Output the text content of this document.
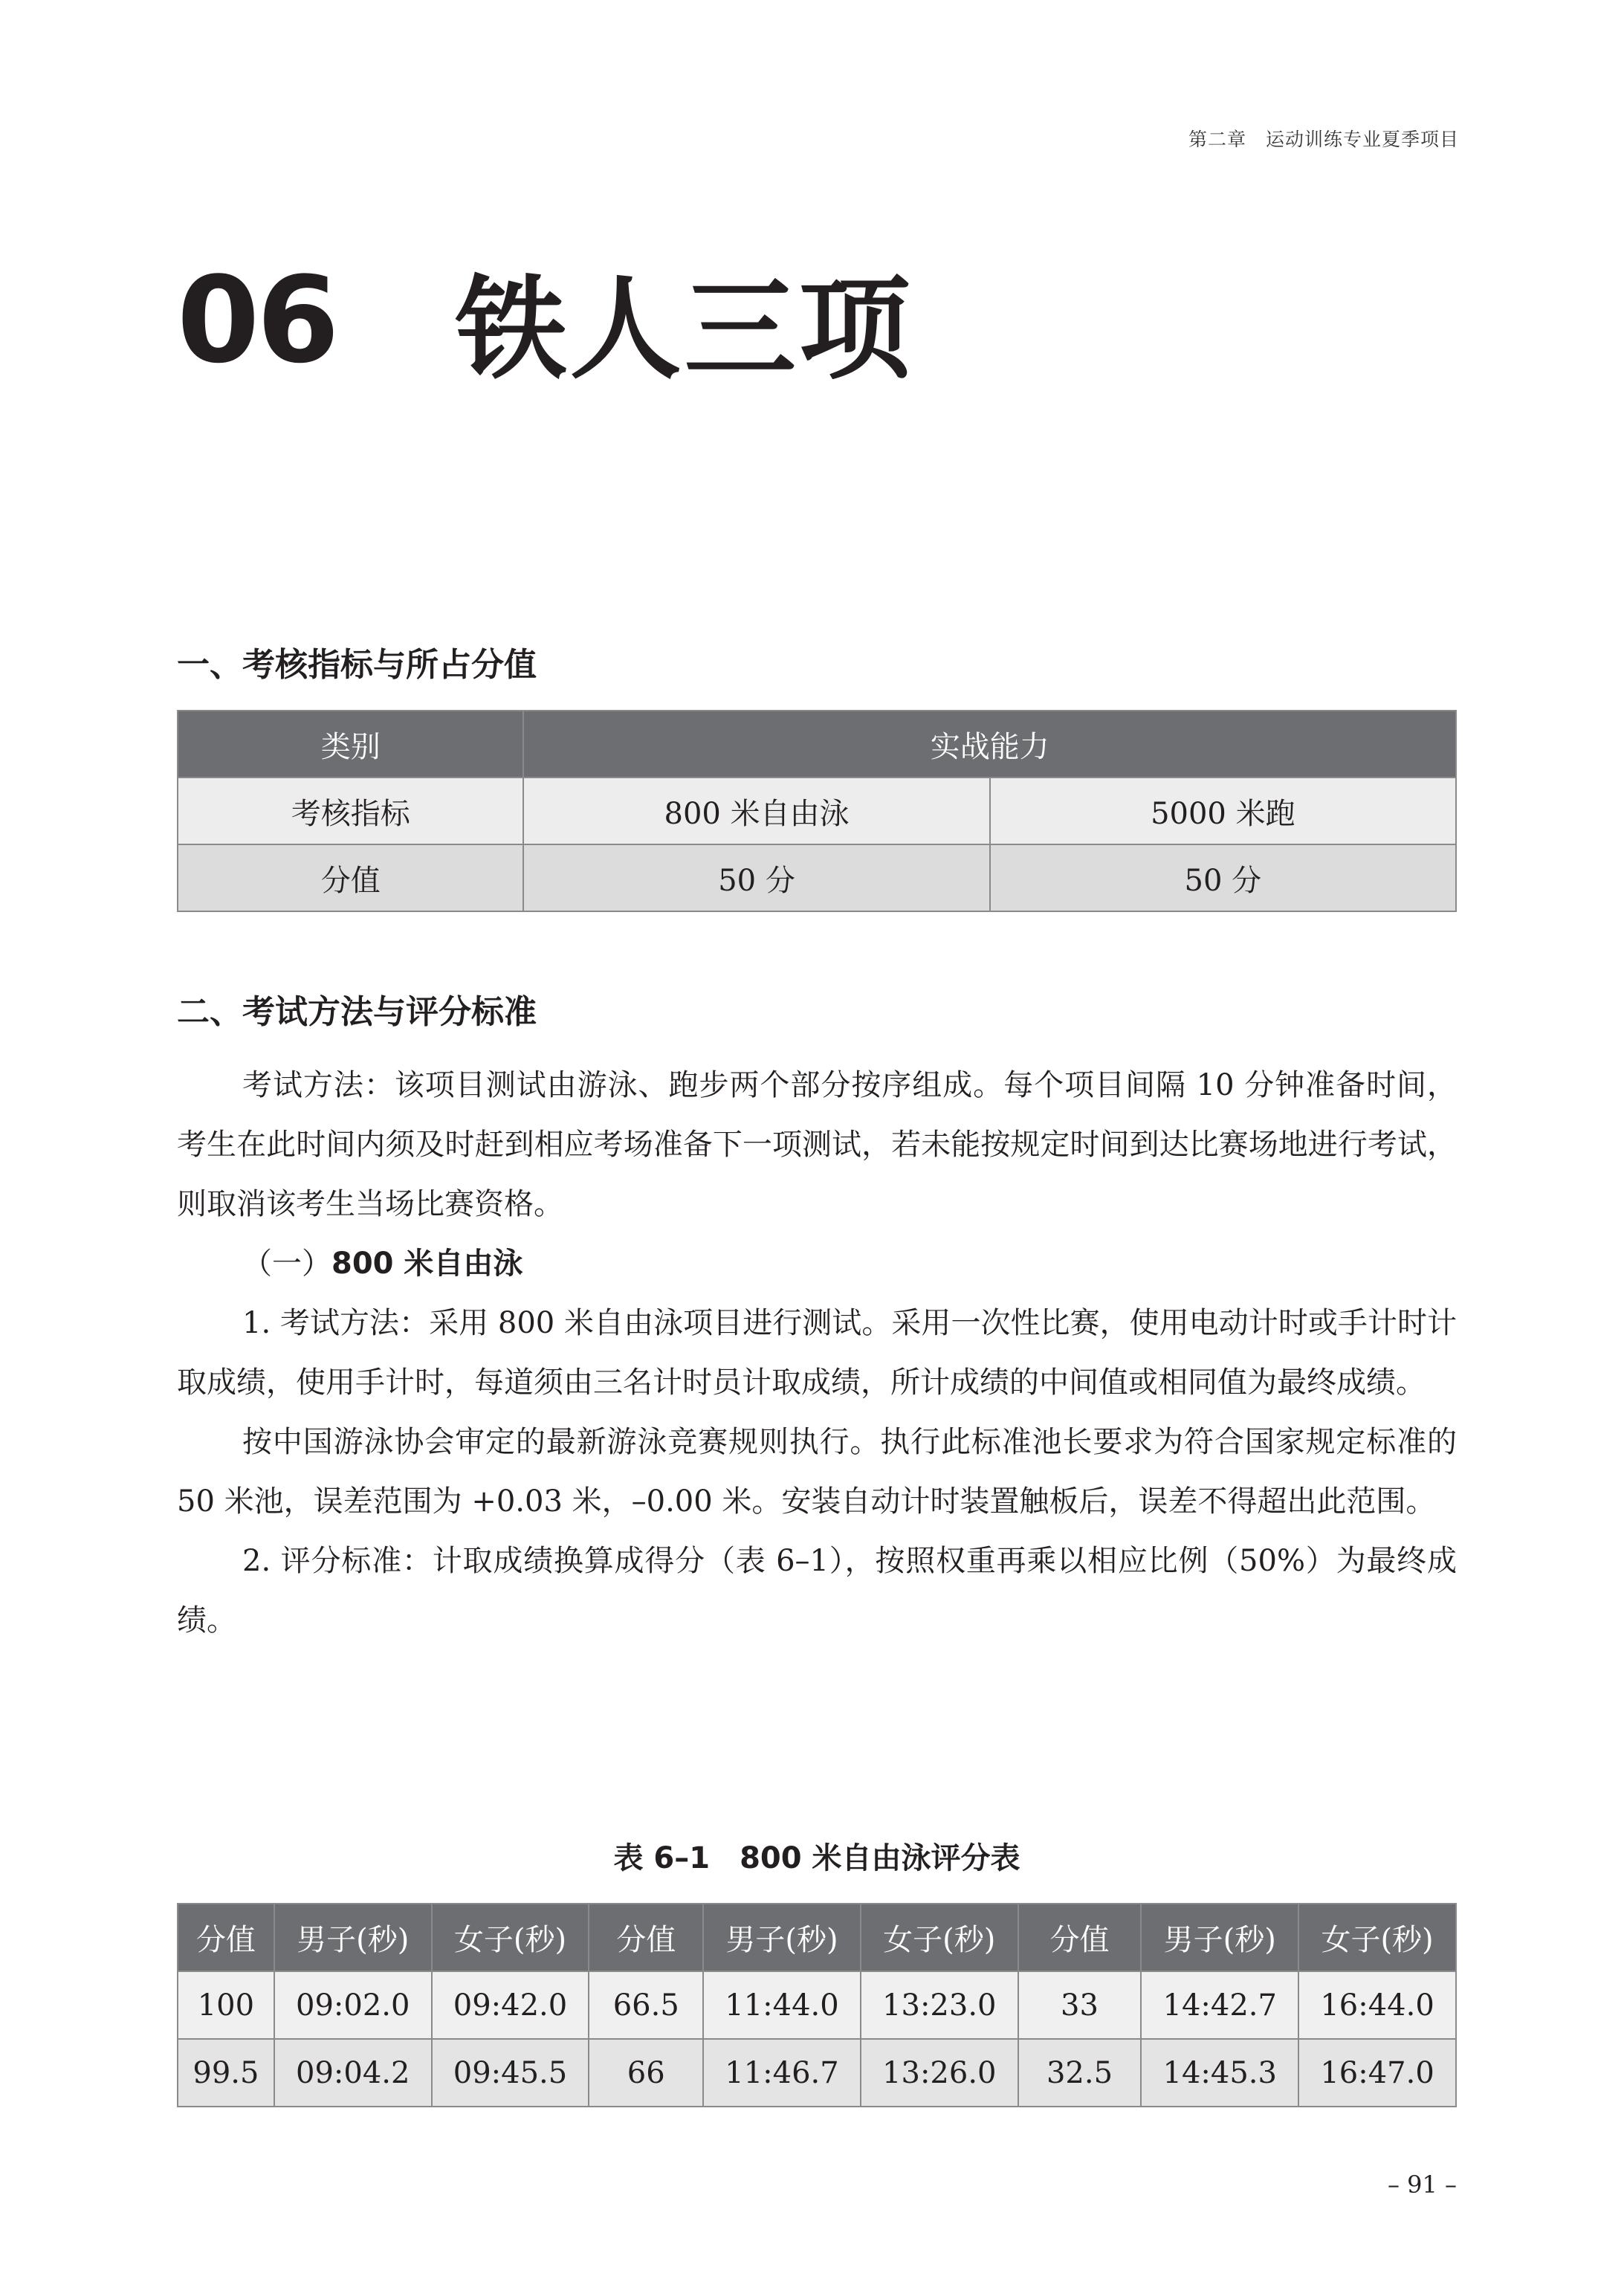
第二章　运动训练专业夏季项目
06 铁人三项
一、考核指标与所占分值
类别	实战能力	
考核指标	800 米自由泳	5000 米跑
分值	50 分	50 分
二、考试方法与评分标准

考试方法：该项目测试由游泳、跑步两个部分按序组成。每个项目间隔 10 分钟准备时间，考生在此时间内须及时赶到相应考场准备下一项测试，若未能按规定时间到达比赛场地进行考试，则取消该考生当场比赛资格。

（一）800 米自由泳

1. 考试方法：采用 800 米自由泳项目进行测试。采用一次性比赛，使用电动计时或手计时计取成绩，使用手计时，每道须由三名计时员计取成绩，所计成绩的中间值或相同值为最终成绩。

按中国游泳协会审定的最新游泳竞赛规则执行。执行此标准池长要求为符合国家规定标准的 50 米池，误差范围为 +0.03 米，–0.00 米。安装自动计时装置触板后，误差不得超出此范围。

2. 评分标准：计取成绩换算成得分（表 6–1），按照权重再乘以相应比例（50%）为最终成绩。

表 6–1　800 米自由泳评分表
分值	男子(秒)	女子(秒)	分值	男子(秒)	女子(秒)	分值	男子(秒)	女子(秒)
100	09:02.0	09:42.0	66.5	11:44.0	13:23.0	33	14:42.7	16:44.0
99.5	09:04.2	09:45.5	66	11:46.7	13:26.0	32.5	14:45.3	16:47.0
– 91 –
